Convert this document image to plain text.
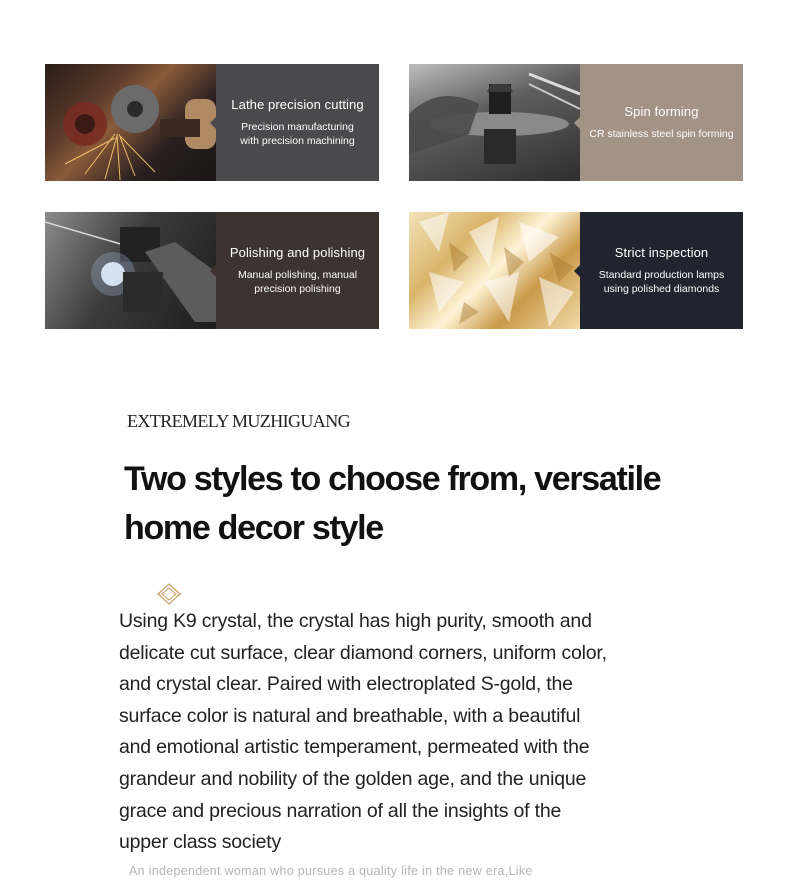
Lathe precision cutting
Precision manufacturing
with precision machining
Spin forming
CR stainless steel spin forming
Polishing and polishing
Manual polishing, manual
precision polishing
Strict inspection
Standard production lamps
using polished diamonds
EXTREMELY MUZHIGUANG
Two styles to choose from, versatile home decor style
Using K9 crystal, the crystal has high purity, smooth and
delicate cut surface, clear diamond corners, uniform color,
and crystal clear. Paired with electroplated S-gold, the
surface color is natural and breathable, with a beautiful
and emotional artistic temperament, permeated with the
grandeur and nobility of the golden age, and the unique
grace and precious narration of all the insights of the
upper class society
An independent woman who pursues a quality life in the new era,Like
